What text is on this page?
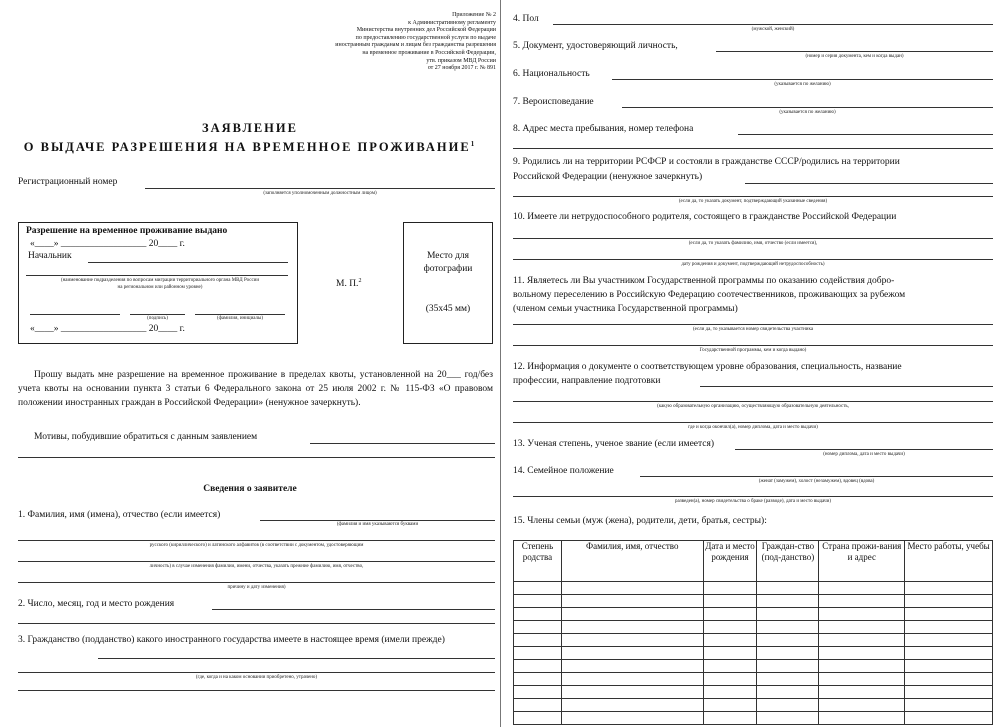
Приложение № 2
к Административному регламенту
Министерства внутренних дел Российской Федерации
по предоставлению государственной услуги по выдаче
иностранным гражданам и лицам без гражданства разрешения
на временное проживание в Российской Федерации,
утв. приказом МВД России
от 27 ноября 2017 г. № 891
ЗАЯВЛЕНИЕ
О ВЫДАЧЕ РАЗРЕШЕНИЯ НА ВРЕМЕННОЕ ПРОЖИВАНИЕ$^1$
Регистрационный номер
(заполняется уполномоченным должностным лицом)
Разрешение на временное проживание выдано
«____» __________________ 20____ г.
Начальник
(наименование подразделения по вопросам миграции территориального органа МВД России на региональном или районном уровне)
(подпись)	(фамилия, инициалы)
«____» __________________ 20____ г.
М. П.$^2$
Место для фотографии
(35х45 мм)
Прошу выдать мне разрешение на временное проживание в пределах квоты, установленной на 20___ год/без учета квоты на основании пункта 3 статьи 6 Федерального закона от 25 июля 2002 г. № 115-ФЗ «О правовом положении иностранных граждан в Российской Федерации» (ненужное зачеркнуть).
Мотивы, побудившие обратиться с данным заявлением
Сведения о заявителе
1. Фамилия, имя (имена), отчество (если имеется)
(фамилия и имя указываются буквами
русского (кириллического) и латинского алфавитов (в соответствии с документом, удостоверяющим
личность) в случае изменения фамилии, имени, отчества, указать прежние фамилию, имя, отчество,
причину и дату изменения)
2. Число, месяц, год и место рождения
3. Гражданство (подданство) какого иностранного государства имеете в настоящее время (имели прежде)
(где, когда и на каком основании приобретено, утрачено)
4. Пол
(мужской, женский)
5. Документ, удостоверяющий личность,
(номер и серия документа, кем и когда выдан)
6. Национальность
(указывается по желанию)
7. Вероисповедание
(указывается по желанию)
8. Адрес места пребывания, номер телефона
9. Родились ли на территории РСФСР и состояли в гражданстве СССР/родились на территории
Российской Федерации (ненужное зачеркнуть)
(если да, то указать документ, подтверждающий указанные сведения)
10. Имеете ли нетрудоспособного родителя, состоящего в гражданстве Российской Федерации
(если да, то указать фамилию, имя, отчество (если имеется),
дату рождения и документ, подтверждающий нетрудоспособность)
11. Являетесь ли Вы участником Государственной программы по оказанию содействия добро-
вольному переселению в Российскую Федерацию соотечественников, проживающих за рубежом
(членом семьи участника Государственной программы)
(если да, то указывается номер свидетельства участника
Государственной программы, кем и когда выдано)
12. Информация о документе о соответствующем уровне образования, специальность, название
профессии, направление подготовки
(какую образовательную организацию, осуществляющую образовательную деятельность,
где и когда окончил(а), номер диплома, дата и место выдачи)
13. Ученая степень, ученое звание (если имеется)
(номер диплома, дата и место выдачи)
14. Семейное положение
(женат (замужем), холост (незамужем), вдовец (вдова)
разведен(а), номер свидетельства о браке (разводе), дата и место выдачи)
15. Члены семьи (муж (жена), родители, дети, братья, сестры):
Степень родства	Фамилия, имя, отчество	Дата и место рождения	Граждан-ство (под-данство)	Страна прожи-вания и адрес	Место работы, учебы
